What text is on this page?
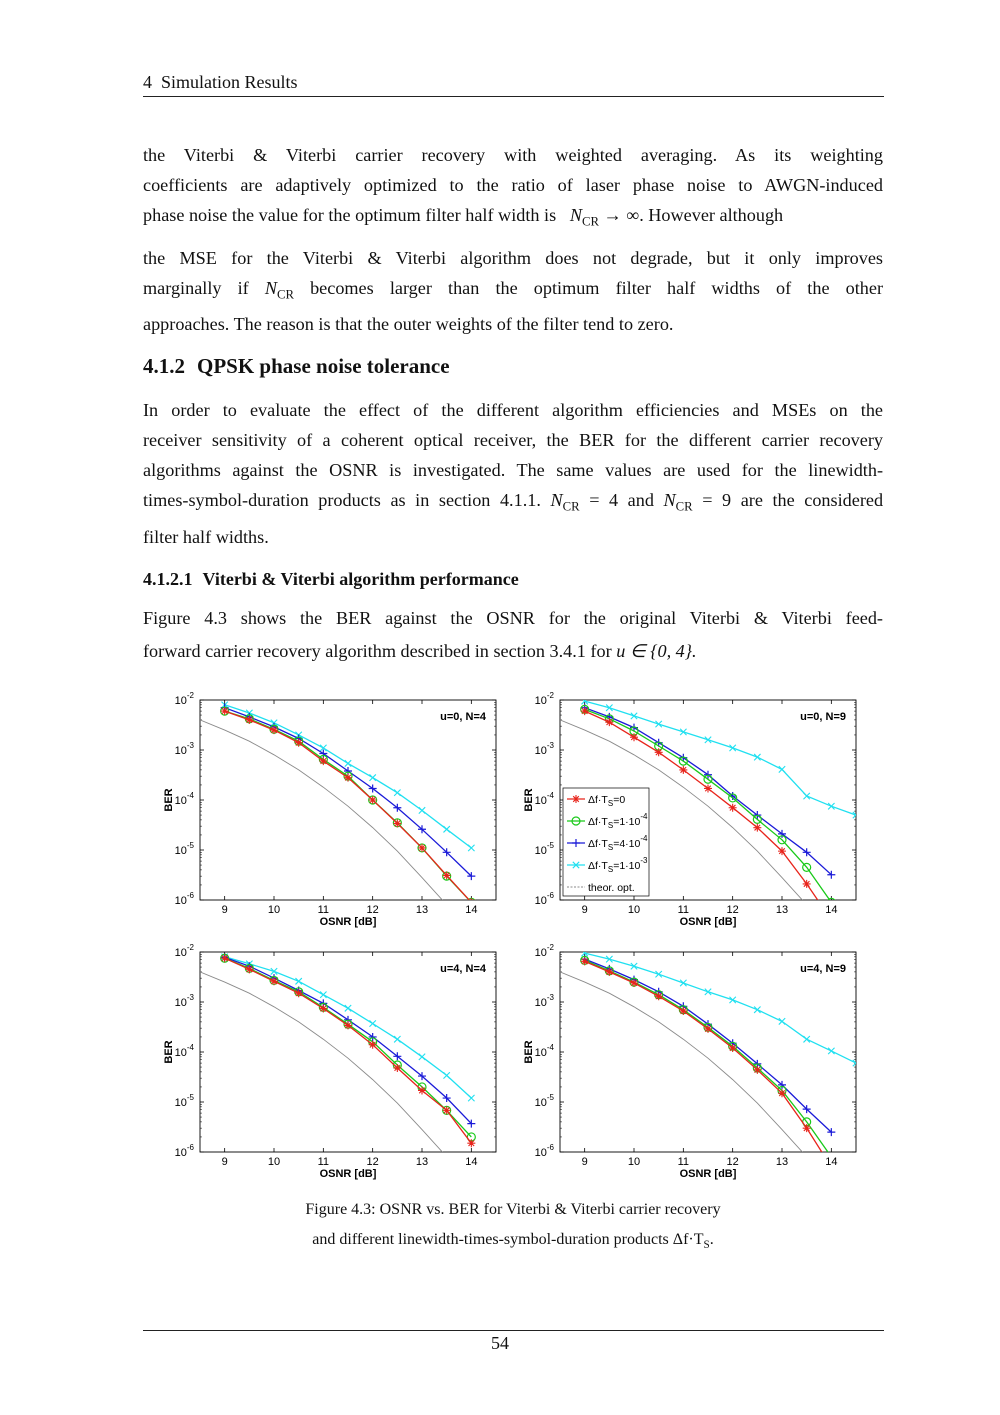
4  Simulation Results
the Viterbi & Viterbi carrier recovery with weighted averaging. As its weighting
coefficients are adaptively optimized to the ratio of laser phase noise to AWGN-induced
phase noise the value for the optimum filter half width is $N_{CR}$ → ∞. However although
the MSE for the Viterbi & Viterbi algorithm does not degrade, but it only improves
marginally if $N_{CR}$ becomes larger than the optimum filter half widths of the other
approaches. The reason is that the outer weights of the filter tend to zero.
4.1.2 QPSK phase noise tolerance
In order to evaluate the effect of the different algorithm efficiencies and MSEs on the
receiver sensitivity of a coherent optical receiver, the BER for the different carrier recovery
algorithms against the OSNR is investigated. The same values are used for the linewidth-
times-symbol-duration products as in section 4.1.1. $N_{CR} = 4$ and $N_{CR} = 9$ are the considered
filter half widths.
4.1.2.1 Viterbi & Viterbi algorithm performance
Figure 4.3 shows the BER against the OSNR for the original Viterbi & Viterbi feed-
forward carrier recovery algorithm described in section 3.4.1 for u ∈ {0, 4}.
9	10	11	12	13	14
$10^{-2}$
$10^{-3}$
$10^{-4}$
$10^{-5}$
$10^{-6}$
OSNR [dB]
BER
u=0, N=4
9	10	11	12	13	14
$10^{-2}$
$10^{-3}$
$10^{-4}$
$10^{-5}$
$10^{-6}$
OSNR [dB]
BER
u=0, N=9
$\Delta f\cdot T_S=0$
$\Delta f\cdot T_S=1\cdot 10^{-4}$
$\Delta f\cdot T_S=4\cdot 10^{-4}$
$\Delta f\cdot T_S=1\cdot 10^{-3}$
theor. opt.
9	10	11	12	13	14
$10^{-2}$
$10^{-3}$
$10^{-4}$
$10^{-5}$
$10^{-6}$
OSNR [dB]
BER
u=4, N=4
9	10	11	12	13	14
$10^{-2}$
$10^{-3}$
$10^{-4}$
$10^{-5}$
$10^{-6}$
OSNR [dB]
BER
u=4, N=9
Figure 4.3: OSNR vs. BER for Viterbi & Viterbi carrier recovery
and different linewidth-times-symbol-duration products $\Delta f\cdot T_S$.
54
